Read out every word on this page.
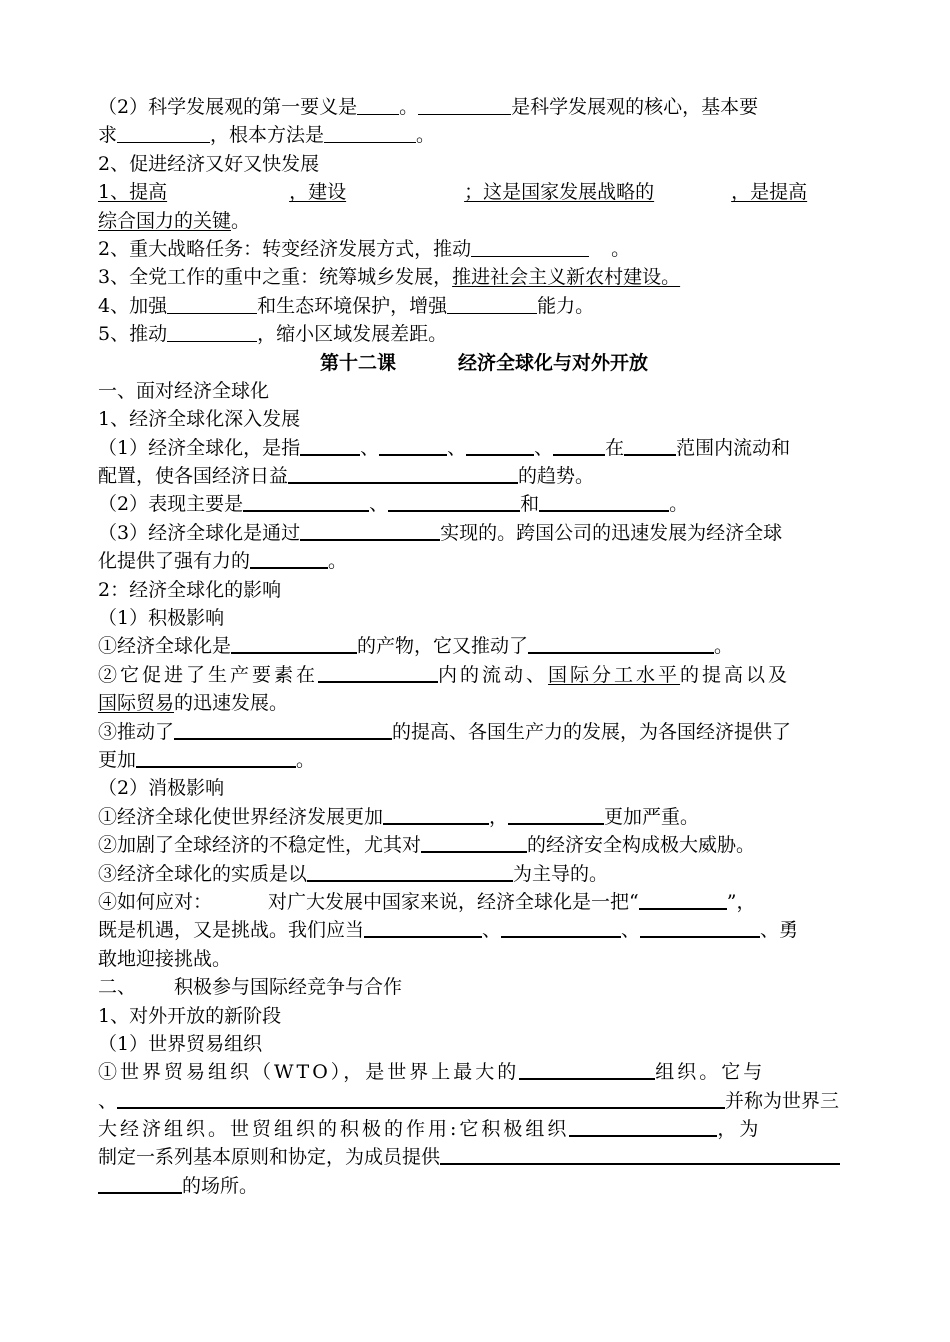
（2）科学发展观的第一要义是 。	是科学发展观的核心，基本要
求	，根本方法是	。
2、促进经济又好又快发展
1、提高	，建设	；这是国家发展战略的	，是提高
综合国力的关键。
2、重大战略任务：转变经济发展方式，推动	。
3、全党工作的重中之重：统筹城乡发展，推进社会主义新农村建设。
4、加强	和生态环境保护，增强	能力。
5、推动	，缩小区域发展差距。
第十二课	经济全球化与对外开放
一、面对经济全球化
1、经济全球化深入发展
（1）经济全球化，是指	、	、	、	在	范围内流动和
配置，使各国经济日益	的趋势。
（2）表现主要是	、	和	。
（3）经济全球化是通过	实现的。跨国公司的迅速发展为经济全球
化提供了强有力的	。
2：经济全球化的影响
（1）积极影响
①经济全球化是	的产物，它又推动了	。
②它促进了生产要素在	内的流动、国际分工水平的提高以及
国际贸易的迅速发展。
③推动了	的提高、各国生产力的发展，为各国经济提供了
更加	。
（2）消极影响
①经济全球化使世界经济发展更加	，	更加严重。
②加剧了全球经济的不稳定性，尤其对	的经济安全构成极大威胁。
③经济全球化的实质是以	为主导的。
④如何应对：	对广大发展中国家来说，经济全球化是一把“	”，
既是机遇，又是挑战。我们应当	、	、	、勇
敢地迎接挑战。
二、 积极参与国际经竞争与合作
1、对外开放的新阶段
（1）世界贸易组织
①世界贸易组织（WTO），是世界上最大的	组织。它与
、	并称为世界三
大经济组织。世贸组织的积极的作用:它积极组织	，为
制定一系列基本原则和协定，为成员提供
的场所。
